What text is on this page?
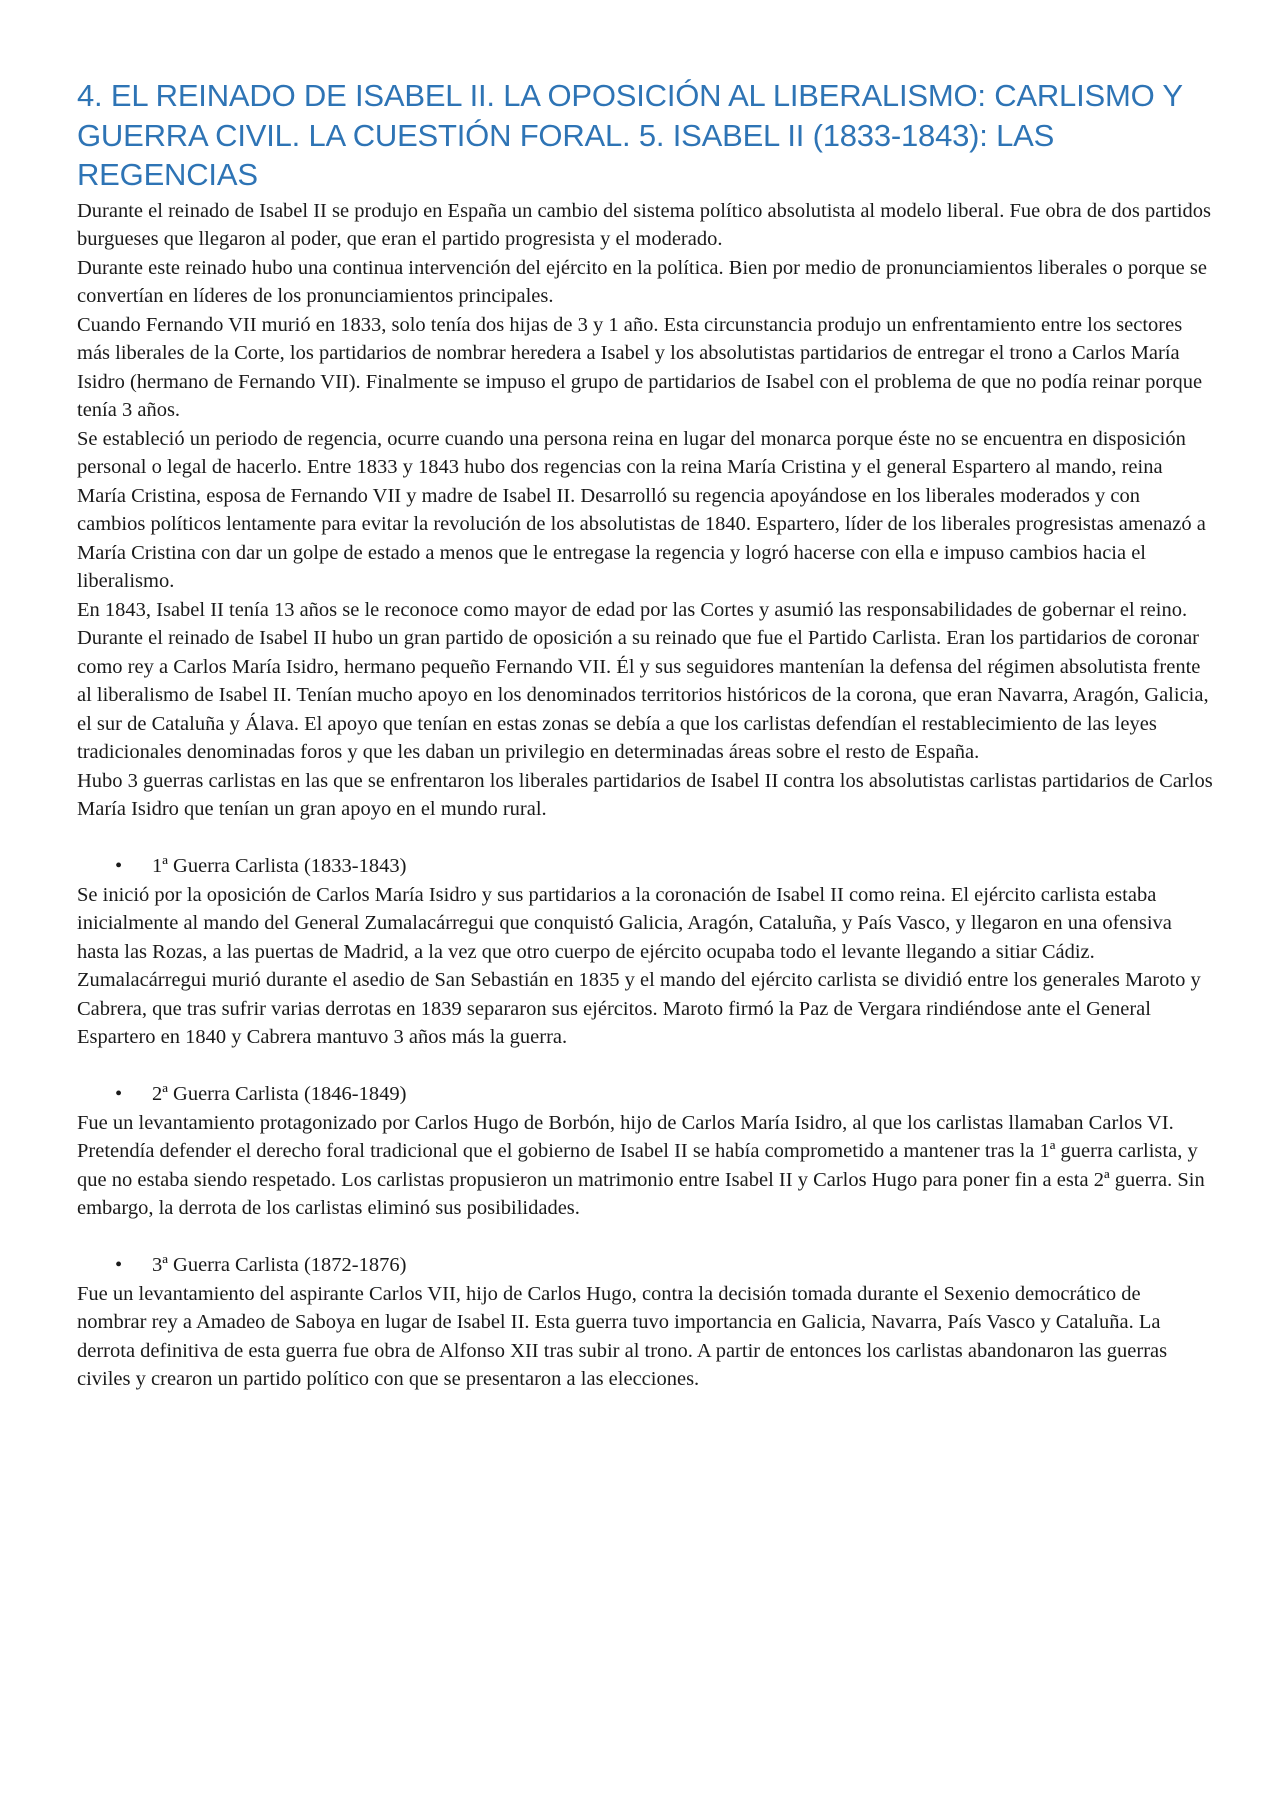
4. EL REINADO DE ISABEL II. LA OPOSICIÓN AL LIBERALISMO: CARLISMO Y GUERRA CIVIL. LA CUESTIÓN FORAL. 5. ISABEL II (1833-1843): LAS REGENCIAS

Durante el reinado de Isabel II se produjo en España un cambio del sistema político absolutista al modelo liberal. Fue obra de dos partidos burgueses que llegaron al poder, que eran el partido progresista y el moderado.

Durante este reinado hubo una continua intervención del ejército en la política. Bien por medio de pronunciamientos liberales o porque se convertían en líderes de los pronunciamientos principales.

Cuando Fernando VII murió en 1833, solo tenía dos hijas de 3 y 1 año. Esta circunstancia produjo un enfrentamiento entre los sectores más liberales de la Corte, los partidarios de nombrar heredera a Isabel y los absolutistas partidarios de entregar el trono a Carlos María Isidro (hermano de Fernando VII). Finalmente se impuso el grupo de partidarios de Isabel con el problema de que no podía reinar porque tenía 3 años.

Se estableció un periodo de regencia, ocurre cuando una persona reina en lugar del monarca porque éste no se encuentra en disposición personal o legal de hacerlo. Entre 1833 y 1843 hubo dos regencias con la reina María Cristina y el general Espartero al mando, reina María Cristina, esposa de Fernando VII y madre de Isabel II. Desarrolló su regencia apoyándose en los liberales moderados y con cambios políticos lentamente para evitar la revolución de los absolutistas de 1840. Espartero, líder de los liberales progresistas amenazó a María Cristina con dar un golpe de estado a menos que le entregase la regencia y logró hacerse con ella e impuso cambios hacia el liberalismo.

En 1843, Isabel II tenía 13 años se le reconoce como mayor de edad por las Cortes y asumió las responsabilidades de gobernar el reino.

Durante el reinado de Isabel II hubo un gran partido de oposición a su reinado que fue el Partido Carlista. Eran los partidarios de coronar como rey a Carlos María Isidro, hermano pequeño Fernando VII. Él y sus seguidores mantenían la defensa del régimen absolutista frente al liberalismo de Isabel II. Tenían mucho apoyo en los denominados territorios históricos de la corona, que eran Navarra, Aragón, Galicia, el sur de Cataluña y Álava. El apoyo que tenían en estas zonas se debía a que los carlistas defendían el restablecimiento de las leyes tradicionales denominadas foros y que les daban un privilegio en determinadas áreas sobre el resto de España.

Hubo 3 guerras carlistas en las que se enfrentaron los liberales partidarios de Isabel II contra los absolutistas carlistas partidarios de Carlos María Isidro que tenían un gran apoyo en el mundo rural.

•	1ª Guerra Carlista (1833-1843)

Se inició por la oposición de Carlos María Isidro y sus partidarios a la coronación de Isabel II como reina. El ejército carlista estaba inicialmente al mando del General Zumalacárregui que conquistó Galicia, Aragón, Cataluña, y País Vasco, y llegaron en una ofensiva hasta las Rozas, a las puertas de Madrid, a la vez que otro cuerpo de ejército ocupaba todo el levante llegando a sitiar Cádiz.

Zumalacárregui murió durante el asedio de San Sebastián en 1835 y el mando del ejército carlista se dividió entre los generales Maroto y Cabrera, que tras sufrir varias derrotas en 1839 separaron sus ejércitos. Maroto firmó la Paz de Vergara rindiéndose ante el General Espartero en 1840 y Cabrera mantuvo 3 años más la guerra.

•	2ª Guerra Carlista (1846-1849)

Fue un levantamiento protagonizado por Carlos Hugo de Borbón, hijo de Carlos María Isidro, al que los carlistas llamaban Carlos VI. Pretendía defender el derecho foral tradicional que el gobierno de Isabel II se había comprometido a mantener tras la 1ª guerra carlista, y que no estaba siendo respetado. Los carlistas propusieron un matrimonio entre Isabel II y Carlos Hugo para poner fin a esta 2ª guerra. Sin embargo, la derrota de los carlistas eliminó sus posibilidades.

•	3ª Guerra Carlista (1872-1876)

Fue un levantamiento del aspirante Carlos VII, hijo de Carlos Hugo, contra la decisión tomada durante el Sexenio democrático de nombrar rey a Amadeo de Saboya en lugar de Isabel II. Esta guerra tuvo importancia en Galicia, Navarra, País Vasco y Cataluña. La derrota definitiva de esta guerra fue obra de Alfonso XII tras subir al trono. A partir de entonces los carlistas abandonaron las guerras civiles y crearon un partido político con que se presentaron a las elecciones.
